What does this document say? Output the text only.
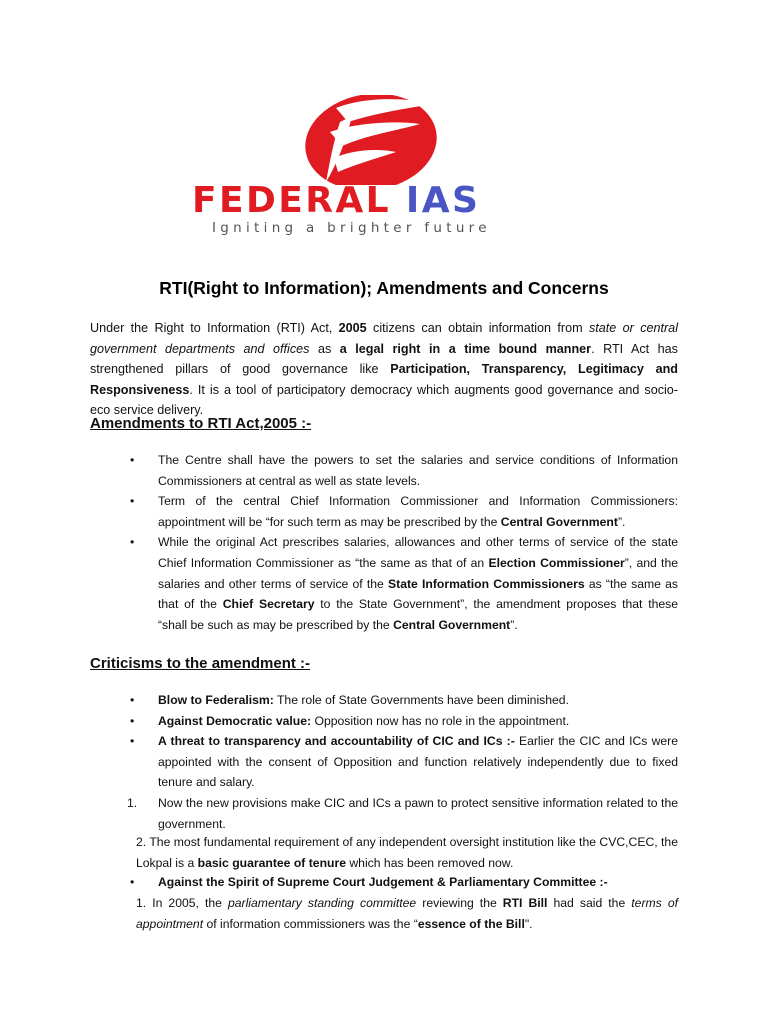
FEDERAL IAS
Igniting a brighter future
RTI(Right to Information); Amendments and Concerns
Under the Right to Information (RTI) Act, 2005 citizens can obtain information from state or central government departments and offices as a legal right in a time bound manner. RTI Act has strengthened pillars of good governance like Participation, Transparency, Legitimacy and Responsiveness. It is a tool of participatory democracy which augments good governance and socio-eco service delivery.
Amendments to RTI Act,2005 :-
• The Centre shall have the powers to set the salaries and service conditions of Information Commissioners at central as well as state levels.
• Term of the central Chief Information Commissioner and Information Commissioners: appointment will be “for such term as may be prescribed by the Central Government”.
• While the original Act prescribes salaries, allowances and other terms of service of the state Chief Information Commissioner as “the same as that of an Election Commissioner”, and the salaries and other terms of service of the State Information Commissioners as “the same as that of the Chief Secretary to the State Government”, the amendment proposes that these “shall be such as may be prescribed by the Central Government”.
Criticisms to the amendment :-
• Blow to Federalism: The role of State Governments have been diminished.
• Against Democratic value: Opposition now has no role in the appointment.
• A threat to transparency and accountability of CIC and ICs :- Earlier the CIC and ICs were appointed with the consent of Opposition and function relatively independently due to fixed tenure and salary.
1. Now the new provisions make CIC and ICs a pawn to protect sensitive information related to the government.
2. The most fundamental requirement of any independent oversight institution like the CVC,CEC, the Lokpal is a basic guarantee of tenure which has been removed now.
• Against the Spirit of Supreme Court Judgement & Parliamentary Committee :-
1. In 2005, the parliamentary standing committee reviewing the RTI Bill had said the terms of appointment of information commissioners was the “essence of the Bill".
